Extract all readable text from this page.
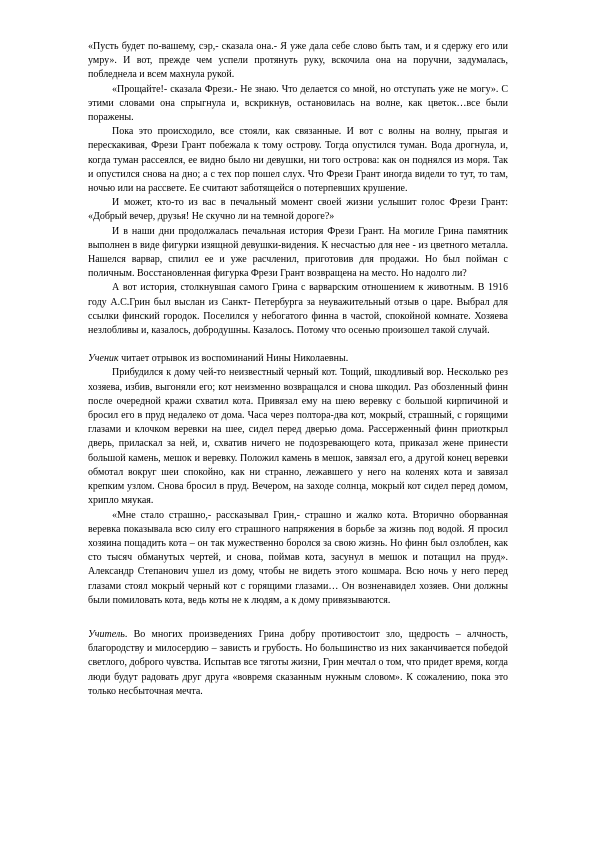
«Пусть будет по-вашему, сэр,- сказала она.- Я уже дала себе слово быть там, и я сдержу его или умру». И вот, прежде чем успели протянуть руку, вскочила она на поручни, задумалась, побледнела и всем махнула рукой.

«Прощайте!- сказала Фрези.- Не знаю. Что делается со мной, но отступать уже не могу». С этими словами она спрыгнула и, вскрикнув, остановилась на волне, как цветок…все были поражены.

Пока это происходило, все стояли, как связанные. И вот с волны на волну, прыгая и перескакивая, Фрези Грант побежала к тому острову. Тогда опустился туман. Вода дрогнула, и, когда туман рассеялся, ее видно было ни девушки, ни того острова: как он поднялся из моря. Так и опустился снова на дно; а с тех пор пошел слух. Что Фрези Грант иногда видели то тут, то там, ночью или на рассвете. Ее считают заботящейся о потерпевших крушение.

И может, кто-то из вас в печальный момент своей жизни услышит голос Фрези Грант: «Добрый вечер, друзья! Не скучно ли на темной дороге?»

И в наши дни продолжалась печальная история Фрези Грант. На могиле Грина памятник выполнен в виде фигурки изящной девушки-видения. К несчастью для нее - из цветного металла. Нашелся варвар, спилил ее и уже расчленил, приготовив для продажи. Но был пойман с поличным. Восстановленная фигурка Фрези Грант возвращена на место. Но надолго ли?

А вот история, столкнувшая самого Грина с варварским отношением к животным. В 1916 году А.С.Грин был выслан из Санкт- Петербурга за неуважительный отзыв о царе. Выбрал для ссылки финский городок. Поселился у небогатого финна в частой, спокойной комнате. Хозяева незлобливы и, казалось, добродушны. Казалось. Потому что осенью произошел такой случай.

Ученик читает отрывок из воспоминаний Нины Николаевны.

Прибудился к дому чей-то неизвестный черный кот. Тощий, шкодливый вор. Несколько рез хозяева, избив, выгоняли его; кот неизменно возвращался и снова шкодил. Раз обозленный финн после очередной кражи схватил кота. Привязал ему на шею веревку с большой кирпичиной и бросил его в пруд недалеко от дома. Часа через полтора-два кот, мокрый, страшный, с горящими глазами и клочком веревки на шее, сидел перед дверью дома. Рассерженный финн приоткрыл дверь, приласкал за ней, и, схватив ничего не подозревающего кота, приказал жене принести большой камень, мешок и веревку. Положил камень в мешок, завязал его, а другой конец веревки обмотал вокруг шеи спокойно, как ни странно, лежавшего у него на коленях кота и завязал крепким узлом. Снова бросил в пруд. Вечером, на заходе солнца, мокрый кот сидел перед домом, хрипло мяукая.

«Мне стало страшно,- рассказывал Грин,- страшно и жалко кота. Вторично оборванная веревка показывала всю силу его страшного напряжения в борьбе за жизнь под водой. Я просил хозяина пощадить кота – он так мужественно боролся за свою жизнь. Но финн был озлоблен, как сто тысяч обманутых чертей, и снова, поймав кота, засунул в мешок и потащил на пруд». Александр Степанович ушел из дому, чтобы не видеть этого кошмара. Всю ночь у него перед глазами стоял мокрый черный кот с горящими глазами… Он возненавидел хозяев. Они должны были помиловать кота, ведь коты не к людям, а к дому привязываются.

Учитель. Во многих произведениях Грина добру противостоит зло, щедрость – алчность, благородству и милосердию – зависть и грубость. Но большинство из них заканчивается победой светлого, доброго чувства. Испытав все тяготы жизни, Грин мечтал о том, что придет время, когда люди будут радовать друг друга «вовремя сказанным нужным словом». К сожалению, пока это только несбыточная мечта.
